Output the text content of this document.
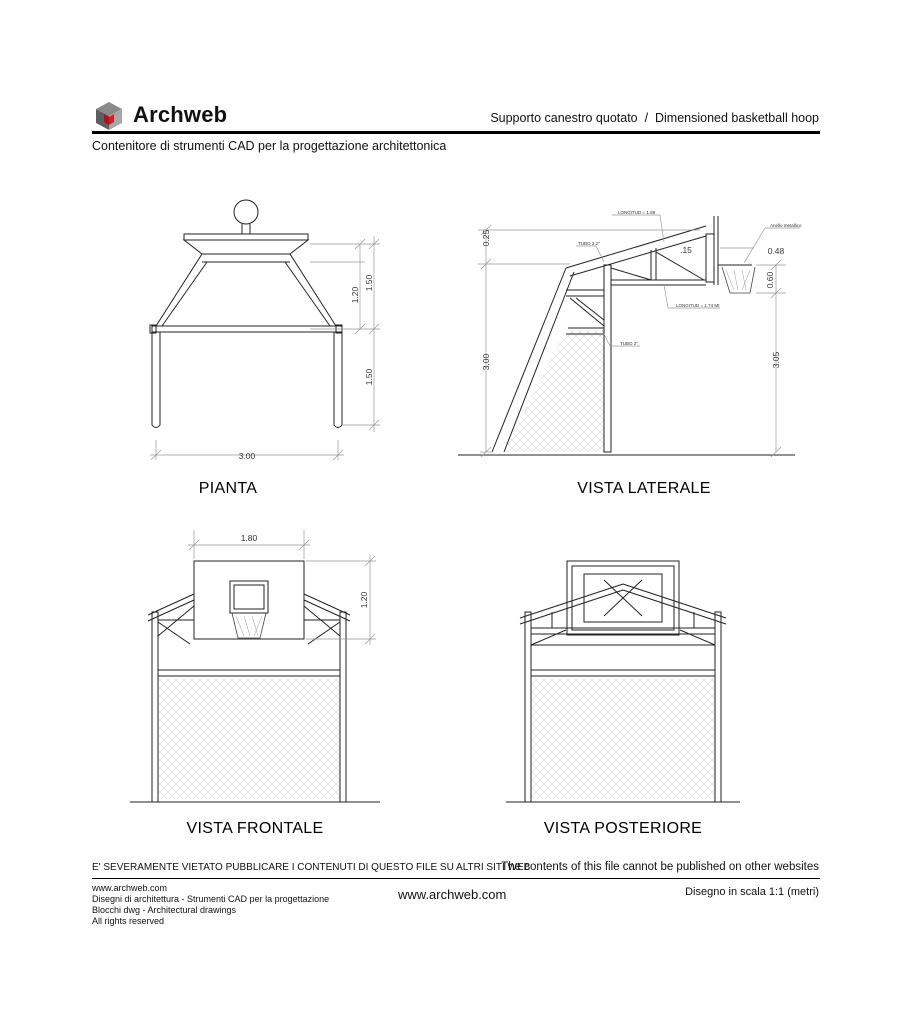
Archweb	Supporto canestro quotato  /  Dimensioned basketball hoop
Contenitore di strumenti CAD per la progettazione architettonica
3.00
1.20
1.50
1.50
0.25
3.00
0.60
3.05
.15	0.48
LONGITUD = 1.89
TUBO 3 2"
LONGITUD = 1.74 Mt
TUBO 2"
Anello metallico
1.80
1.20
PIANTA	VISTA LATERALE
VISTA FRONTALE	VISTA POSTERIORE
E' SEVERAMENTE VIETATO PUBBLICARE I CONTENUTI DI QUESTO FILE SU ALTRI SITI WEB
The contents of this file cannot be published on other websites
www.archweb.com
Disegni di architettura - Strumenti CAD per la progettazione
Blocchi dwg - Architectural drawings
All rights reserved
www.archweb.com	Disegno in scala 1:1 (metri)
